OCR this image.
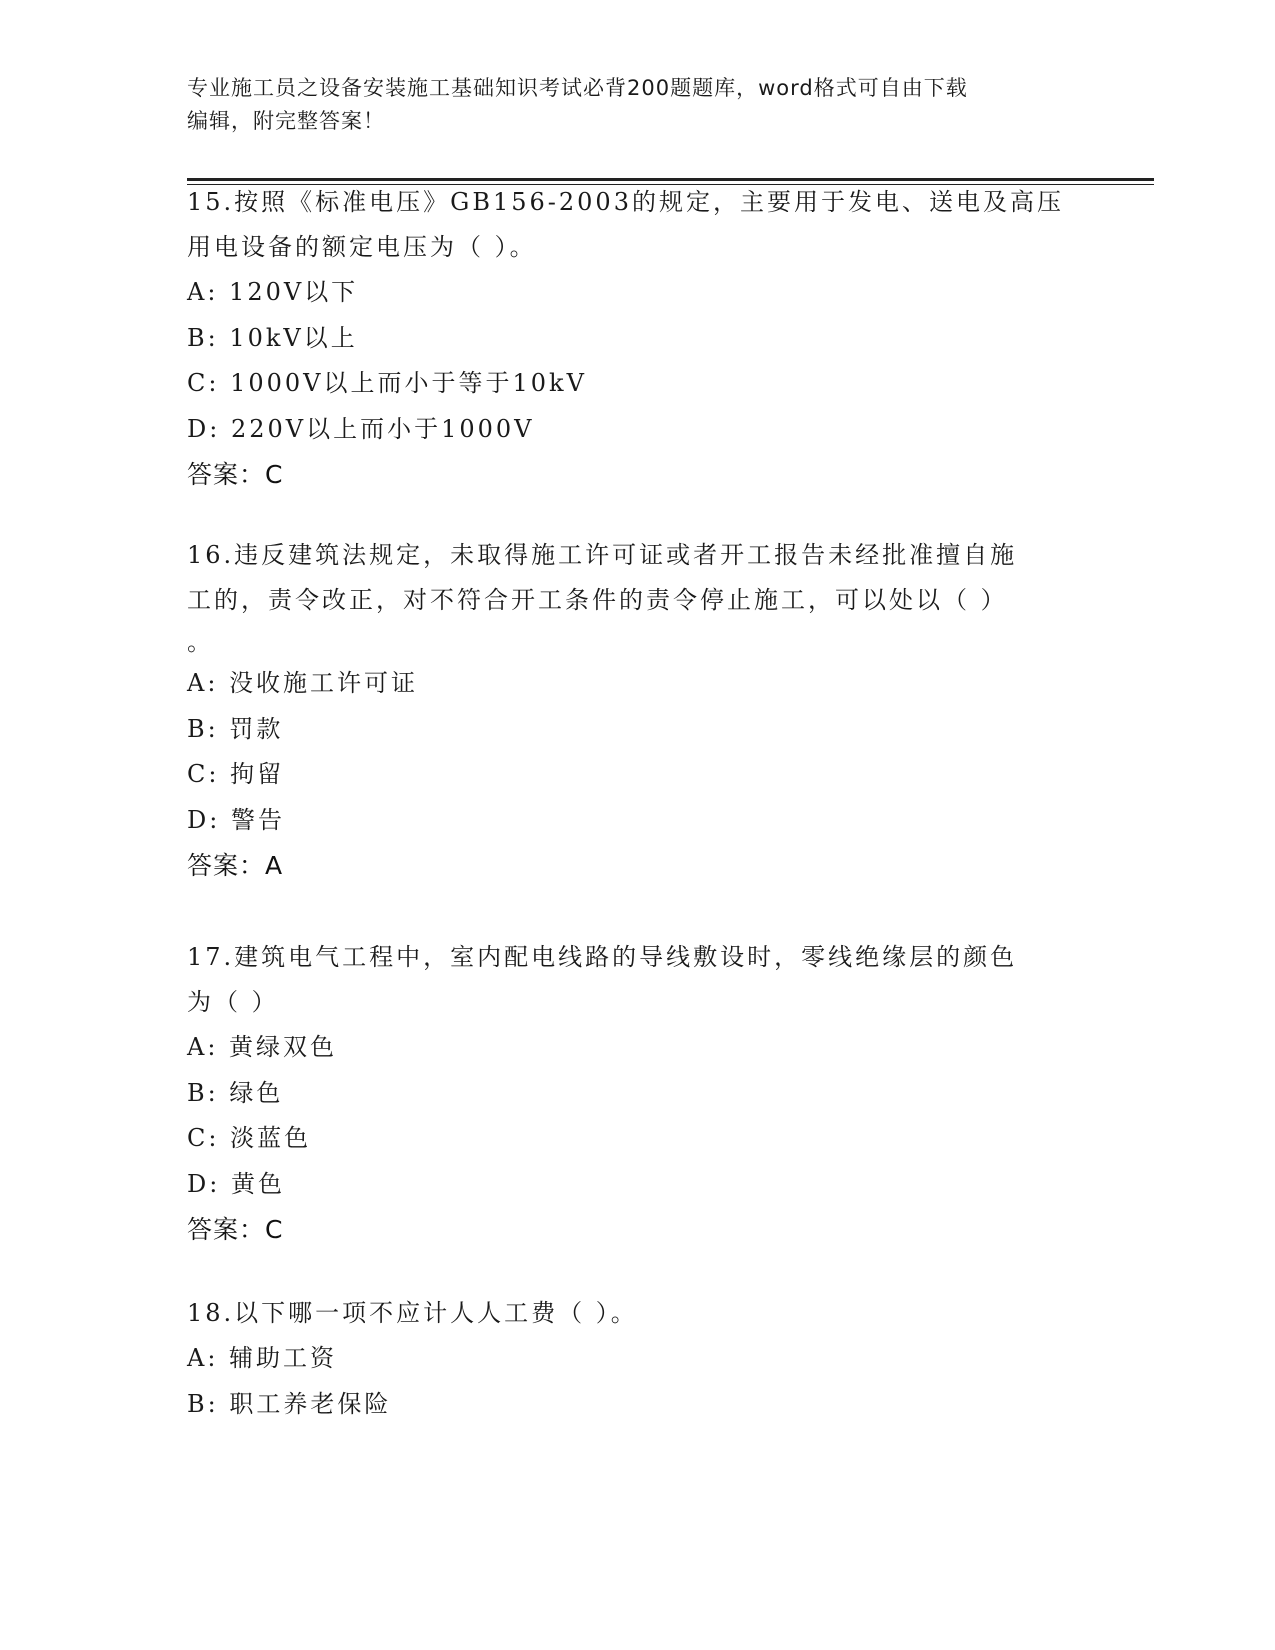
专业施工员之设备安装施工基础知识考试必背200题题库，word格式可自由下载
编辑，附完整答案！
15.按照《标准电压》GB156-2003的规定，主要用于发电、送电及高压
用电设备的额定电压为（ ）。
A: 120V以下
B: 10kV以上
C: 1000V以上而小于等于10kV
D: 220V以上而小于1000V
答案：C
16.违反建筑法规定，未取得施工许可证或者开工报告未经批准擅自施
工的，责令改正，对不符合开工条件的责令停止施工，可以处以（ ）
。
A: 没收施工许可证
B: 罚款
C: 拘留
D: 警告
答案：A
17.建筑电气工程中，室内配电线路的导线敷设时，零线绝缘层的颜色
为（ ）
A: 黄绿双色
B: 绿色
C: 淡蓝色
D: 黄色
答案：C
18.以下哪一项不应计人人工费（ ）。
A: 辅助工资
B: 职工养老保险
